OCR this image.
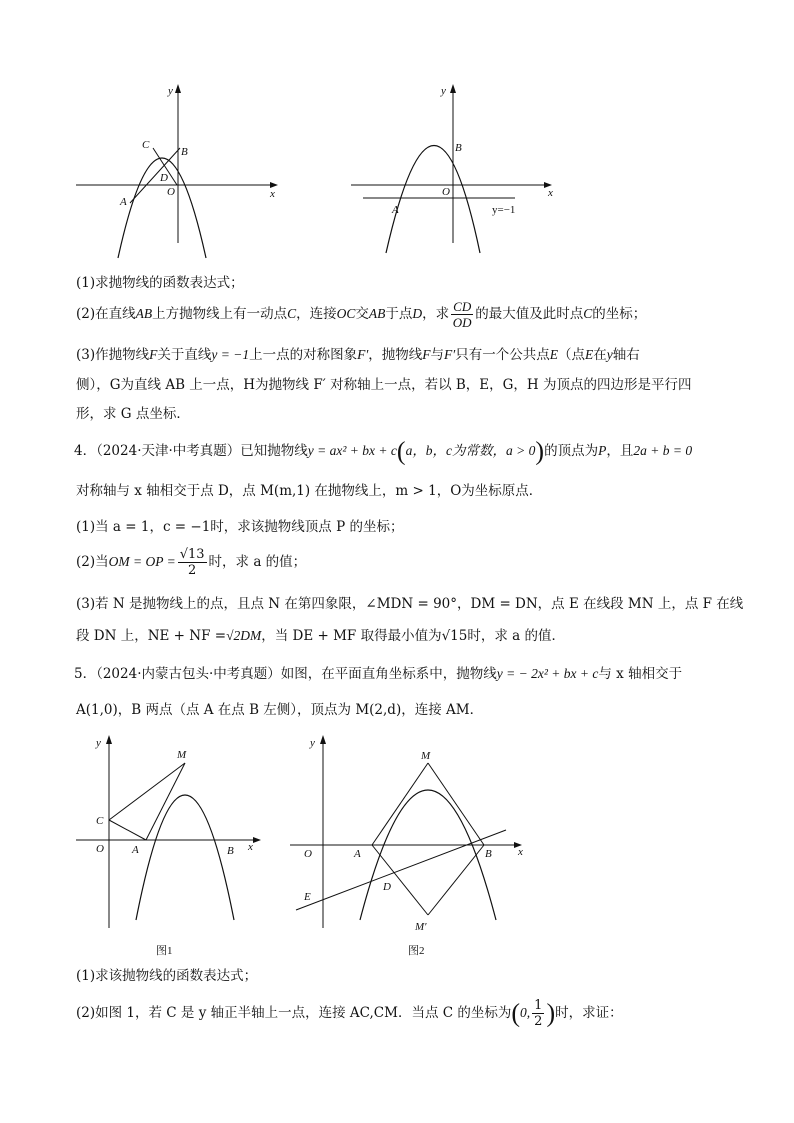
y
x
A
B
C
D
O
y
x
A
B
O
y=−1
(1)求抛物线的函数表达式；
(2)在直线AB上方抛物线上有一动点C，连接OC交AB于点D，求 $\frac{CD}{OD}$ 的最大值及此时点C的坐标；
(3)作抛物线F关于直线y = −1上一点的对称图象F′，抛物线F与F′只有一个公共点E（点E在y轴右
侧），G为直线 AB 上一点，H为抛物线 F′ 对称轴上一点，若以 B，E，G，H 为顶点的四边形是平行四
形，求 G 点坐标．
4．（2024·天津·中考真题）已知抛物线y = ax² + bx + c(a，b，c为常数，a > 0)的顶点为P，且2a + b = 0
对称轴与 x 轴相交于点 D，点 M(m,1) 在抛物线上，m > 1，O为坐标原点．
(1)当 a = 1，c = −1时，求该抛物线顶点 P 的坐标；
(2)当OM = OP = $\frac{√13}{2}$ 时，求 a 的值；
(3)若 N 是抛物线上的点，且点 N 在第四象限，∠MDN = 90°，DM = DN，点 E 在线段 MN 上，点 F 在线
段 DN 上，NE + NF =√2DM，当 DE + MF 取得最小值为√15时，求 a 的值．
5．（2024·内蒙古包头·中考真题）如图，在平面直角坐标系中，抛物线y = − 2x² + bx + c与 x 轴相交于
A(1,0)，B 两点（点 A 在点 B 左侧），顶点为 M(2,d)，连接 AM．
y
x
M
C
O	A	B
图1
y
x
M
O	A	B
D
E
M′
图2
(1)求该抛物线的函数表达式；
(2)如图 1，若 C 是 y 轴正半轴上一点，连接 AC,CM．当点 C 的坐标为(0, $\frac{1}{2}$ )时，求证：
